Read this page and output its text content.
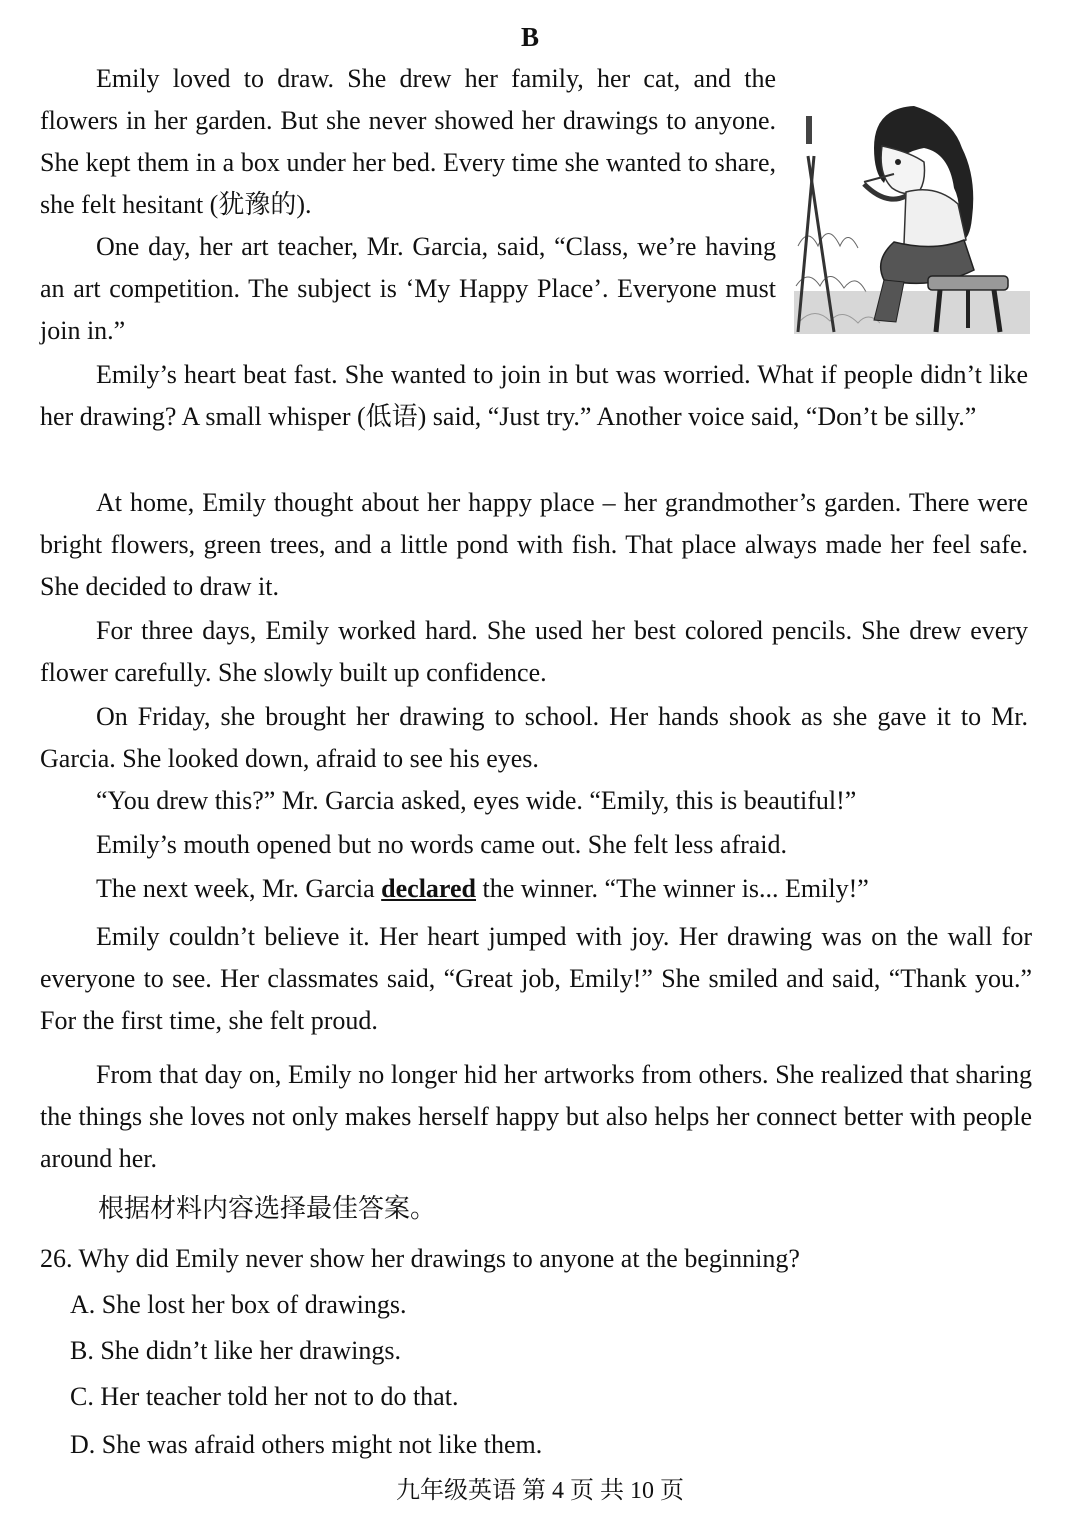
B

Emily loved to draw. She drew her family, her cat, and the flowers in her garden. But she never showed her drawings to anyone. She kept them in a box under her bed. Every time she wanted to share, she felt hesitant (犹豫的).

One day, her art teacher, Mr. Garcia, said, “Class, we’re having an art competition. The subject is ‘My Happy Place’. Everyone must join in.”

Emily’s heart beat fast. She wanted to join in but was worried. What if people didn’t like her drawing? A small whisper (低语) said, “Just try.” Another voice said, “Don’t be silly.”

At home, Emily thought about her happy place – her grandmother’s garden. There were bright flowers, green trees, and a little pond with fish. That place always made her feel safe. She decided to draw it.

For three days, Emily worked hard. She used her best colored pencils. She drew every flower carefully. She slowly built up confidence.

On Friday, she brought her drawing to school. Her hands shook as she gave it to Mr. Garcia. She looked down, afraid to see his eyes.

“You drew this?” Mr. Garcia asked, eyes wide. “Emily, this is beautiful!”

Emily’s mouth opened but no words came out. She felt less afraid.

The next week, Mr. Garcia declared the winner. “The winner is... Emily!”

Emily couldn’t believe it. Her heart jumped with joy. Her drawing was on the wall for everyone to see. Her classmates said, “Great job, Emily!” She smiled and said, “Thank you.” For the first time, she felt proud.

From that day on, Emily no longer hid her artworks from others. She realized that sharing the things she loves not only makes herself happy but also helps her connect better with people around her.

根据材料内容选择最佳答案。
26. Why did Emily never show her drawings to anyone at the beginning?
A. She lost her box of drawings.
B. She didn’t like her drawings.
C. Her teacher told her not to do that.
D. She was afraid others might not like them.
九年级英语 第 4 页 共 10 页
